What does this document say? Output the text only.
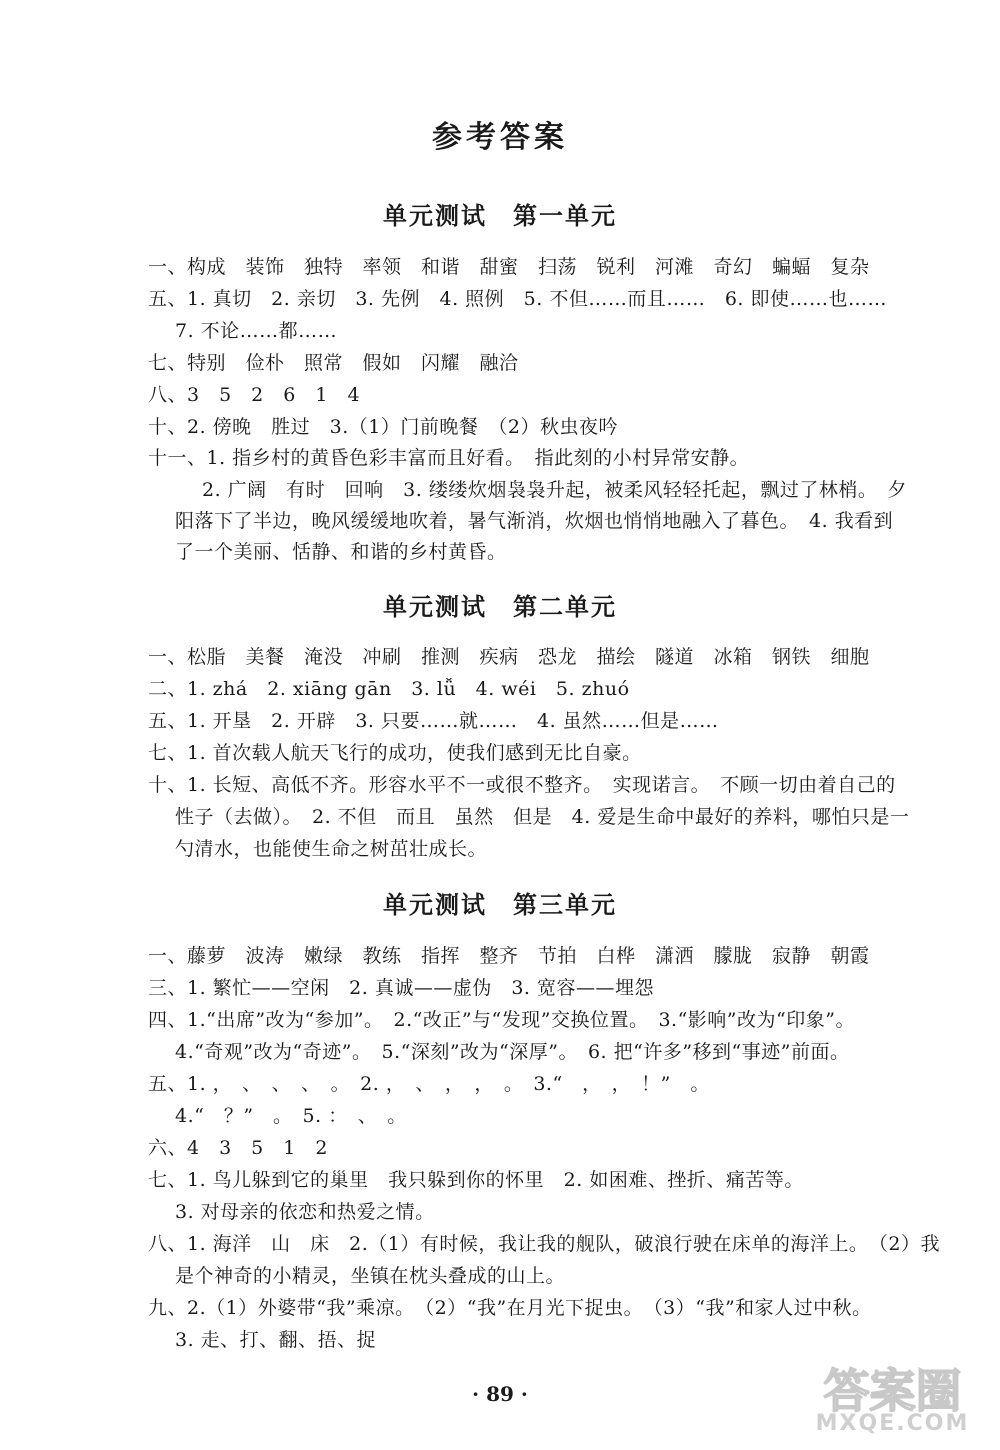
参考答案
单元测试　第一单元
一、构成　装饰　独特　率领　和谐　甜蜜　扫荡　锐利　河滩　奇幻　蝙蝠　复杂
五、1. 真切　2. 亲切　3. 先例　4. 照例　5. 不但……而且……　6. 即使……也……
7. 不论……都……
七、特别　俭朴　照常　假如　闪耀　融洽
八、3　5　2　6　1　4
十、2. 傍晚　胜过　3.（1）门前晚餐　（2）秋虫夜吟
十一、1. 指乡村的黄昏色彩丰富而且好看。　指此刻的小村异常安静。
2. 广阔　有时　回响　3. 缕缕炊烟袅袅升起，被柔风轻轻托起，飘过了林梢。　夕
阳落下了半边，晚风缓缓地吹着，暑气渐消，炊烟也悄悄地融入了暮色。　4. 我看到
了一个美丽、恬静、和谐的乡村黄昏。
单元测试　第二单元
一、松脂　美餐　淹没　冲刷　推测　疾病　恐龙　描绘　隧道　冰箱　钢铁　细胞
二、1. zhá　2. xiāng gān　3. lǚ　4. wéi　5. zhuó
五、1. 开垦　2. 开辟　3. 只要……就……　4. 虽然……但是……
七、1. 首次载人航天飞行的成功，使我们感到无比自豪。
十、1. 长短、高低不齐。形容水平不一或很不整齐。　实现诺言。　不顾一切由着自己的
性子（去做）。　2. 不但　而且　虽然　但是　4. 爱是生命中最好的养料，哪怕只是一
勺清水，也能使生命之树茁壮成长。
单元测试　第三单元
一、藤萝　波涛　嫩绿　教练　指挥　整齐　节拍　白桦　潇洒　朦胧　寂静　朝霞
三、1. 繁忙——空闲　2. 真诚——虚伪　3. 宽容——埋怨
四、1.“出席”改为“参加”。　2.“改正”与“发现”交换位置。　3.“影响”改为“印象”。
4.“奇观”改为“奇迹”。　5.“深刻”改为“深厚”。　6. 把“许多”移到“事迹”前面。
五、1. ，　、　、　、　。　2. ，　、　，　，　。　3.“　，　，　！”　。
4.“　？”　。　5. ：　、　。
六、4　3　5　1　2
七、1. 鸟儿躲到它的巢里　我只躲到你的怀里　2. 如困难、挫折、痛苦等。
3. 对母亲的依恋和热爱之情。
八、1. 海洋　山　床　2.（1）有时候，我让我的舰队，破浪行驶在床单的海洋上。　（2）我
是个神奇的小精灵，坐镇在枕头叠成的山上。
九、2.（1）外婆带“我”乘凉。　（2）“我”在月光下捉虫。　（3）“我”和家人过中秋。
3. 走、打、翻、捂、捉
· 89 ·	答案圈
MXQE.COM
